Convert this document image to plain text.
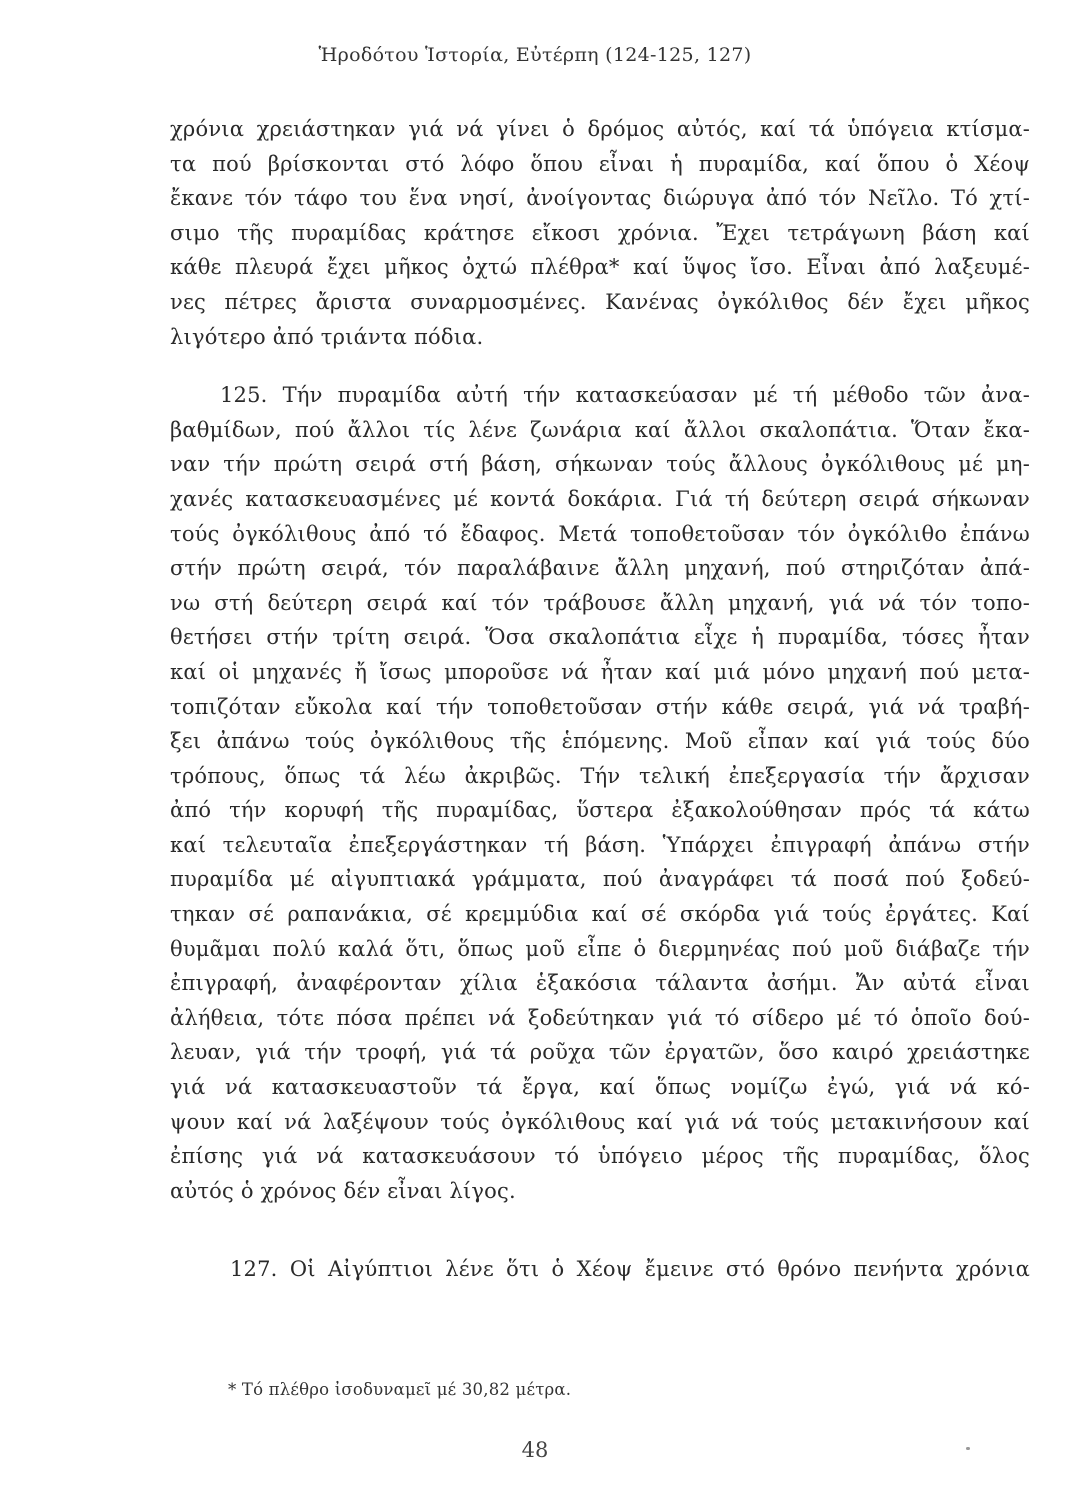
Ἡροδότου Ἱστορία, Εὐτέρπη (124-125, 127)
χρόνια χρειάστηκαν γιά νά γίνει ὁ δρόμος αὐτός, καί τά ὑπόγεια κτίσμα-
τα πού βρίσκονται στό λόφο ὅπου εἶναι ἡ πυραμίδα, καί ὅπου ὁ Χέοψ
ἔκανε τόν τάφο του ἕνα νησί, ἀνοίγοντας διώρυγα ἀπό τόν Νεῖλο. Τό χτί-
σιμο τῆς πυραμίδας κράτησε εἴκοσι χρόνια. Ἔχει τετράγωνη βάση καί
κάθε πλευρά ἔχει μῆκος ὀχτώ πλέθρα* καί ὕψος ἴσο. Εἶναι ἀπό λαξευμέ-
νες πέτρες ἄριστα συναρμοσμένες. Κανένας ὀγκόλιθος δέν ἔχει μῆκος
λιγότερο ἀπό τριάντα πόδια.
125. Τήν πυραμίδα αὐτή τήν κατασκεύασαν μέ τή μέθοδο τῶν ἀνα-
βαθμίδων, πού ἄλλοι τίς λένε ζωνάρια καί ἄλλοι σκαλοπάτια. Ὅταν ἔκα-
ναν τήν πρώτη σειρά στή βάση, σήκωναν τούς ἄλλους ὀγκόλιθους μέ μη-
χανές κατασκευασμένες μέ κοντά δοκάρια. Γιά τή δεύτερη σειρά σήκωναν
τούς ὀγκόλιθους ἀπό τό ἔδαφος. Μετά τοποθετοῦσαν τόν ὀγκόλιθο ἐπάνω
στήν πρώτη σειρά, τόν παραλάβαινε ἄλλη μηχανή, πού στηριζόταν ἀπά-
νω στή δεύτερη σειρά καί τόν τράβουσε ἄλλη μηχανή, γιά νά τόν τοπο-
θετήσει στήν τρίτη σειρά. Ὅσα σκαλοπάτια εἶχε ἡ πυραμίδα, τόσες ἦταν
καί οἱ μηχανές ἤ ἴσως μποροῦσε νά ἦταν καί μιά μόνο μηχανή πού μετα-
τοπιζόταν εὔκολα καί τήν τοποθετοῦσαν στήν κάθε σειρά, γιά νά τραβή-
ξει ἀπάνω τούς ὀγκόλιθους τῆς ἑπόμενης. Μοῦ εἶπαν καί γιά τούς δύο
τρόπους, ὅπως τά λέω ἀκριβῶς. Τήν τελική ἐπεξεργασία τήν ἄρχισαν
ἀπό τήν κορυφή τῆς πυραμίδας, ὕστερα ἐξακολούθησαν πρός τά κάτω
καί τελευταῖα ἐπεξεργάστηκαν τή βάση. Ὑπάρχει ἐπιγραφή ἀπάνω στήν
πυραμίδα μέ αἰγυπτιακά γράμματα, πού ἀναγράφει τά ποσά πού ξοδεύ-
τηκαν σέ ραπανάκια, σέ κρεμμύδια καί σέ σκόρδα γιά τούς ἐργάτες. Καί
θυμᾶμαι πολύ καλά ὅτι, ὅπως μοῦ εἶπε ὁ διερμηνέας πού μοῦ διάβαζε τήν
ἐπιγραφή, ἀναφέρονταν χίλια ἑξακόσια τάλαντα ἀσήμι. Ἄν αὐτά εἶναι
ἀλήθεια, τότε πόσα πρέπει νά ξοδεύτηκαν γιά τό σίδερο μέ τό ὁποῖο δού-
λευαν, γιά τήν τροφή, γιά τά ροῦχα τῶν ἐργατῶν, ὅσο καιρό χρειάστηκε
γιά νά κατασκευαστοῦν τά ἔργα, καί ὅπως νομίζω ἐγώ, γιά νά κό-
ψουν καί νά λαξέψουν τούς ὀγκόλιθους καί γιά νά τούς μετακινήσουν καί
ἐπίσης γιά νά κατασκευάσουν τό ὑπόγειο μέρος τῆς πυραμίδας, ὅλος
αὐτός ὁ χρόνος δέν εἶναι λίγος.
127. Οἱ Αἰγύπτιοι λένε ὅτι ὁ Χέοψ ἔμεινε στό θρόνο πενήντα χρόνια
* Τό πλέθρο ἰσοδυναμεῖ μέ 30,82 μέτρα.
48
